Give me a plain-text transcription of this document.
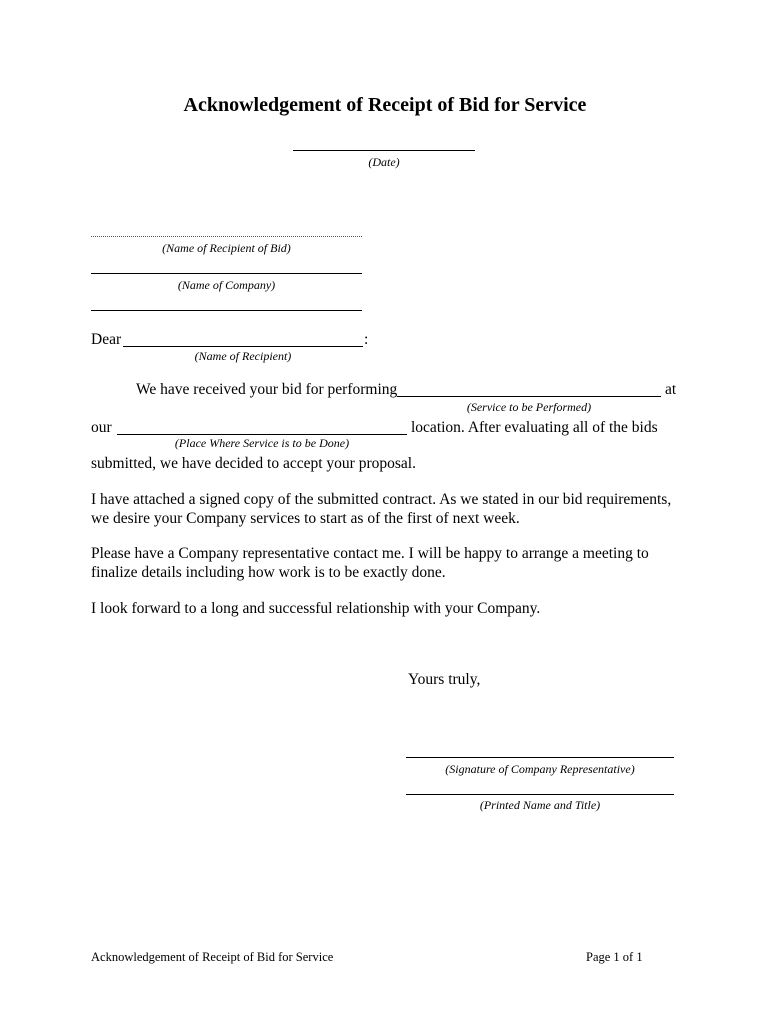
Acknowledgement of Receipt of Bid for Service
(Date)
(Name of Recipient of Bid)
(Name of Company)
Dear	:
(Name of Recipient)
We have received your bid for performing	at
(Service to be Performed)
our	location. After evaluating all of the bids
(Place Where Service is to be Done)
submitted, we have decided to accept your proposal.
I have attached a signed copy of the submitted contract. As we stated in our bid requirements, we desire your Company services to start as of the first of next week.
Please have a Company representative contact me. I will be happy to arrange a meeting to finalize details including how work is to be exactly done.
I look forward to a long and successful relationship with your Company.
Yours truly,
(Signature of Company Representative)
(Printed Name and Title)
Acknowledgement of Receipt of Bid for Service	Page 1 of 1
